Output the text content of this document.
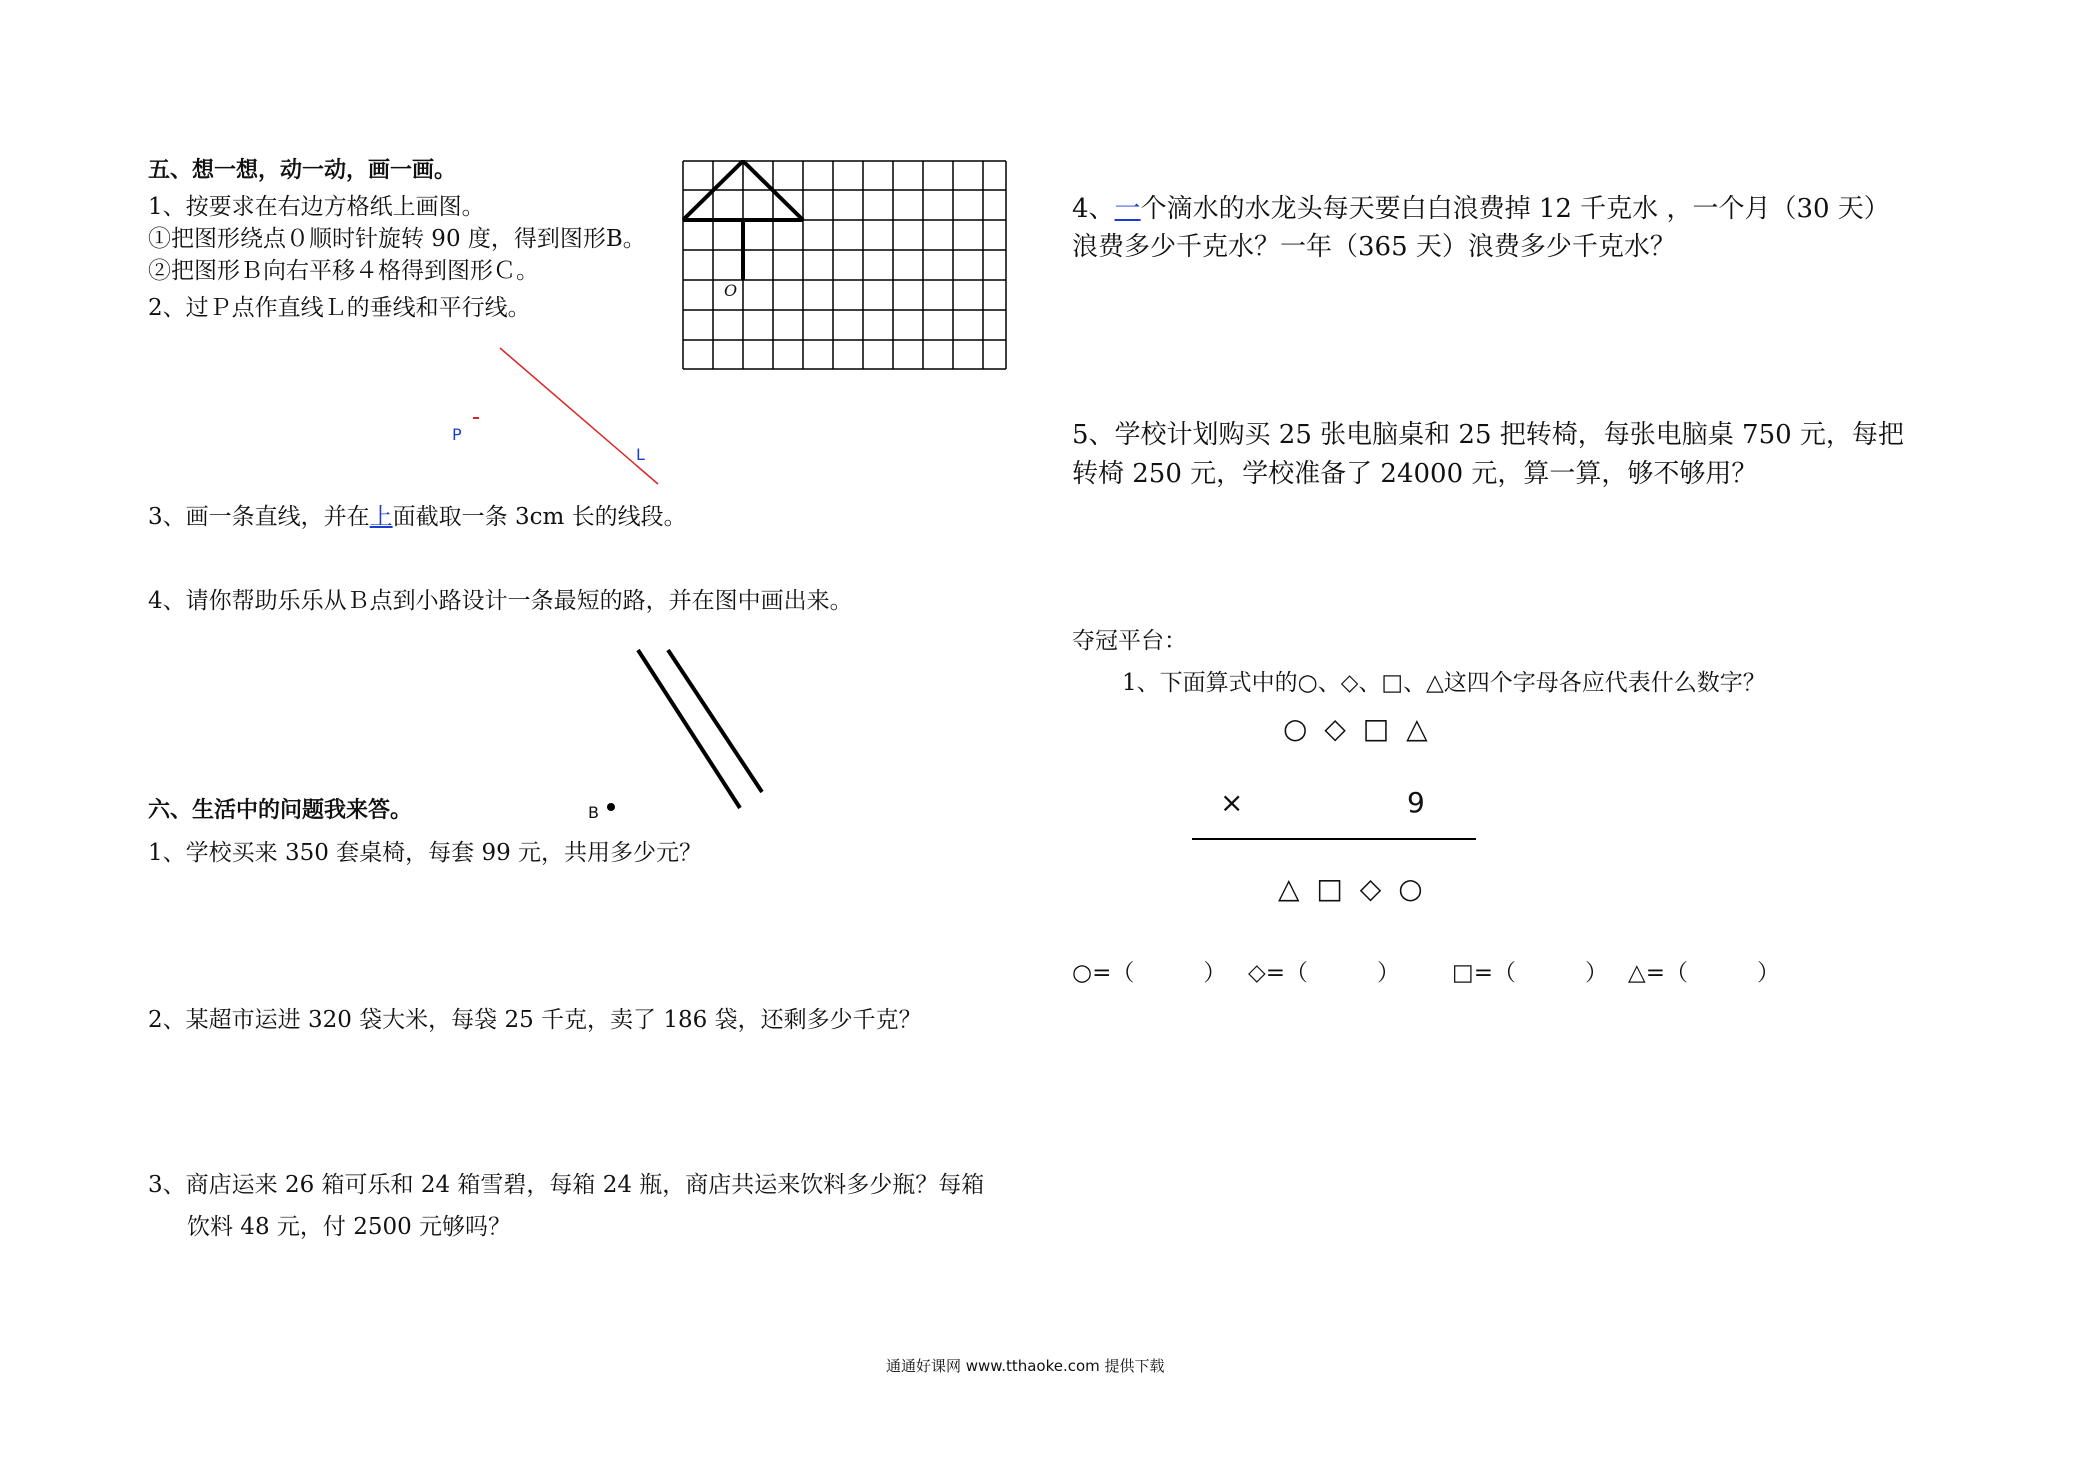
五、想一想，动一动，画一画。
1、按要求在右边方格纸上画图。
①把图形绕点０顺时针旋转 90 度，得到图形B。
②把图形Ｂ向右平移４格得到图形Ｃ。
2、过Ｐ点作直线Ｌ的垂线和平行线。
O
P
L
3、画一条直线，并在上面截取一条 3cm 长的线段。
4、请你帮助乐乐从Ｂ点到小路设计一条最短的路，并在图中画出来。
B
六、生活中的问题我来答。
1、学校买来 350 套桌椅，每套 99 元，共用多少元？
2、某超市运进 320 袋大米，每袋 25 千克，卖了 186 袋，还剩多少千克？
3、商店运来 26 箱可乐和 24 箱雪碧，每箱 24 瓶，商店共运来饮料多少瓶？每箱
饮料 48 元，付 2500 元够吗？
4、一个滴水的水龙头每天要白白浪费掉 12 千克水 ，一个月（30 天）
浪费多少千克水？一年（365 天）浪费多少千克水？
5、学校计划购买 25 张电脑桌和 25 把转椅，每张电脑桌 750 元，每把
转椅 250 元，学校准备了 24000 元，算一算，够不够用？
夺冠平台：
1、下面算式中的○、◇、□、△这四个字母各应代表什么数字？
○ ◇ □ △
×	9
△ □ ◇ ○
○=（　　　） ◇=（　　　） □=（　　　） △=（　　　）
通通好课网 www.tthaoke.com 提供下载
